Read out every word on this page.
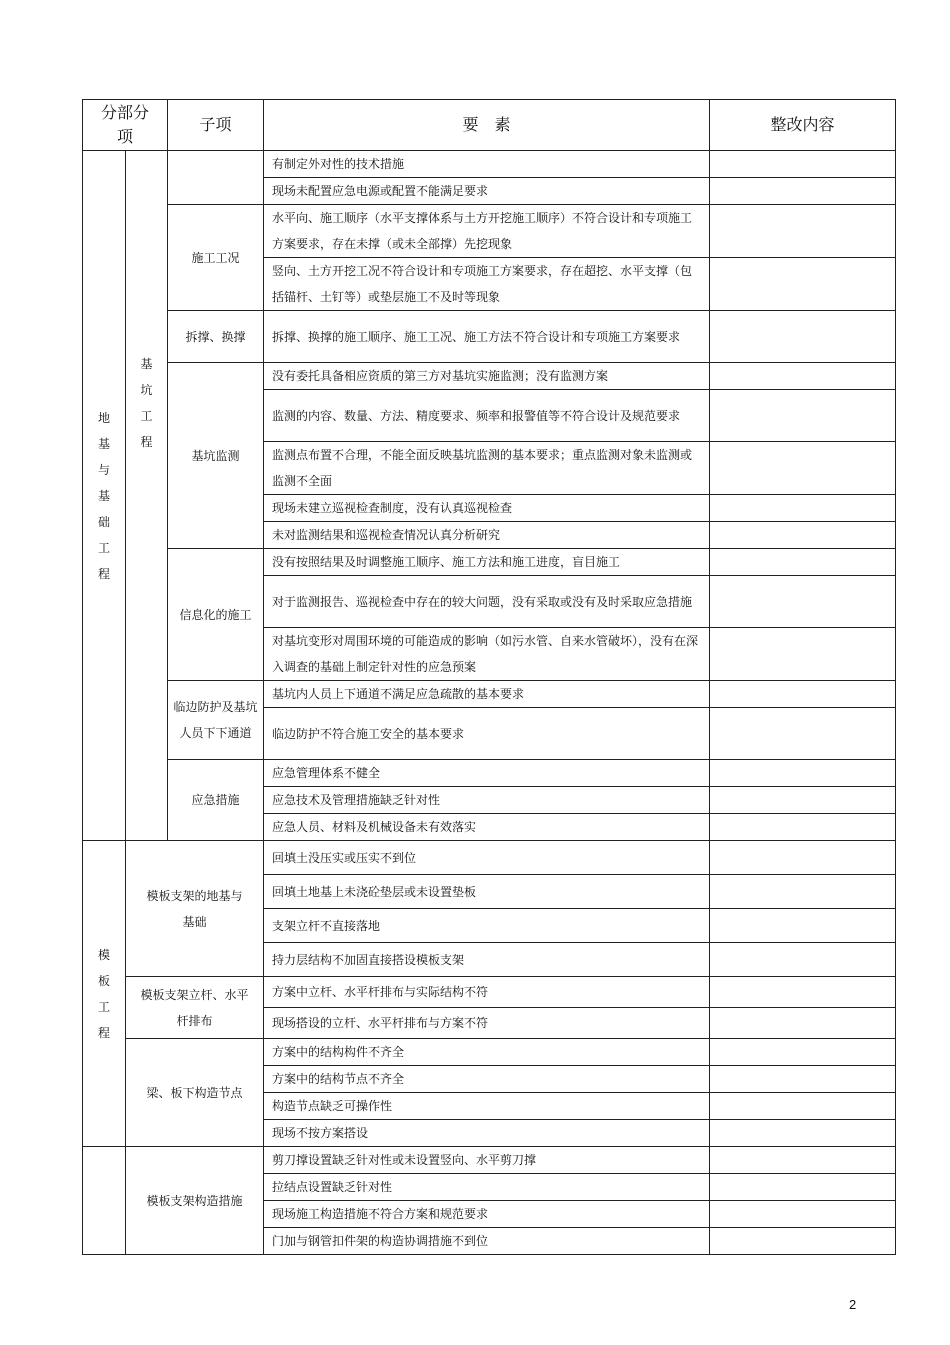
分部分项		子项	要　素	整改内容

地基与基础工程	基坑工程		有制定外对性的技术措施	
			现场未配置应急电源或配置不能满足要求	
		施工工况	水平向、施工顺序（水平支撑体系与土方开挖施工顺序）不符合设计和专项施工方案要求，存在未撑（或未全部撑）先挖现象	

			竖向、土方开挖工况不符合设计和专项施工方案要求，存在超挖、水平支撑（包括锚杆、土钉等）或垫层施工不及时等现象	

		拆撑、换撑	拆撑、换撑的施工顺序、施工工况、施工方法不符合设计和专项施工方案要求	

		基坑监测	没有委托具备相应资质的第三方对基坑实施监测；没有监测方案	
			监测的内容、数量、方法、精度要求、频率和报警值等不符合设计及规范要求	

			监测点布置不合理，不能全面反映基坑监测的基本要求；重点监测对象未监测或监测不全面	

			现场未建立巡视检查制度，没有认真巡视检查	
			未对监测结果和巡视检查情况认真分析研究	
		信息化的施工	没有按照结果及时调整施工顺序、施工方法和施工进度，盲目施工	
			对于监测报告、巡视检查中存在的较大问题，没有采取或没有及时采取应急措施	

			对基坑变形对周围环境的可能造成的影响（如污水管、自来水管破坏），没有在深入调查的基础上制定针对性的应急预案	

		临边防护及基坑人员下下通道	基坑内人员上下通道不满足应急疏散的基本要求	
			临边防护不符合施工安全的基本要求	

		应急措施	应急管理体系不健全	
			应急技术及管理措施缺乏针对性	
			应急人员、材料及机械设备未有效落实	

模板工程	模板支架的地基与基础		回填土没压实或压实不到位	
			回填土地基上未浇砼垫层或未设置垫板	
			支架立杆不直接落地	
			持力层结构不加固直接搭设模板支架	
	模板支架立杆、水平杆排布		方案中立杆、水平杆排布与实际结构不符	
			现场搭设的立杆、水平杆排布与方案不符	
	梁、板下构造节点		方案中的结构构件不齐全	
			方案中的结构节点不齐全	
			构造节点缺乏可操作性	
			现场不按方案搭设	
	模板支架构造措施		剪刀撑设置缺乏针对性或未设置竖向、水平剪刀撑	
			拉结点设置缺乏针对性	
			现场施工构造措施不符合方案和规范要求	
			门加与钢管扣件架的构造协调措施不到位	
2
